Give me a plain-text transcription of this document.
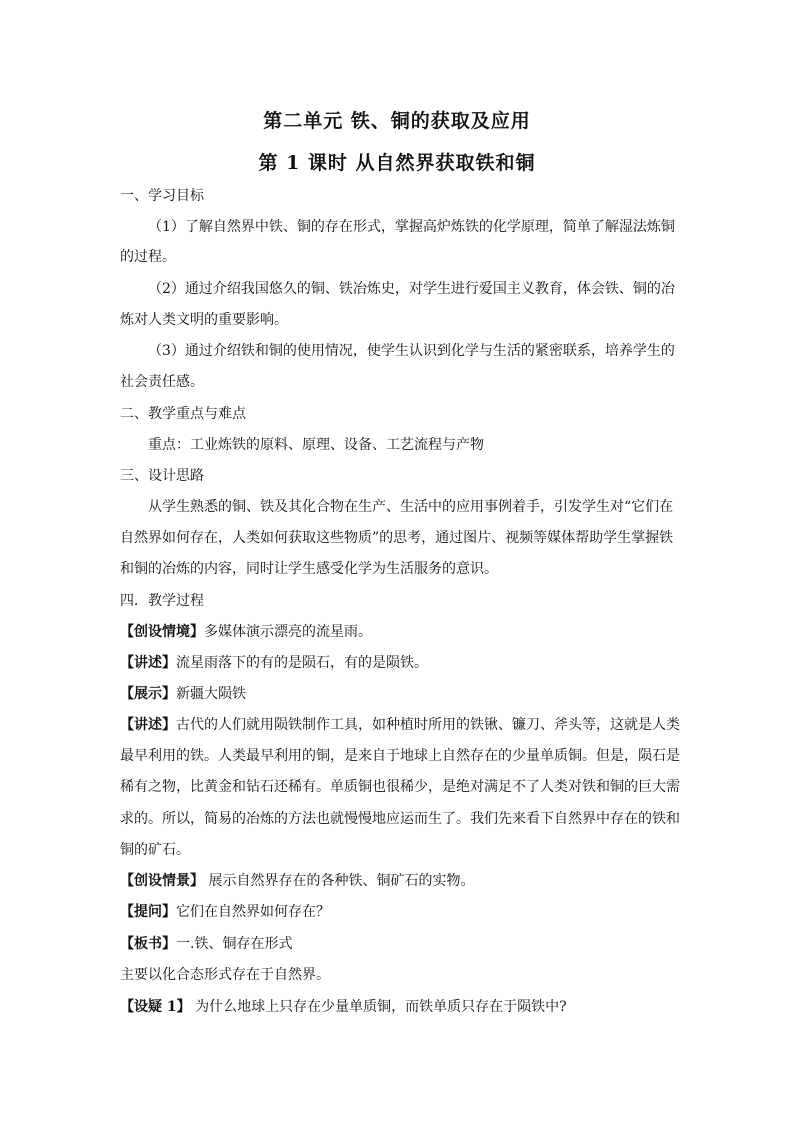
第二单元 铁、铜的获取及应用
第 1 课时 从自然界获取铁和铜
一、学习目标
（1）了解自然界中铁、铜的存在形式，掌握高炉炼铁的化学原理，简单了解湿法炼铜
的过程。
（2）通过介绍我国悠久的铜、铁冶炼史，对学生进行爱国主义教育，体会铁、铜的冶
炼对人类文明的重要影响。
（3）通过介绍铁和铜的使用情况，使学生认识到化学与生活的紧密联系，培养学生的
社会责任感。
二、教学重点与难点
重点：工业炼铁的原料、原理、设备、工艺流程与产物
三、设计思路
从学生熟悉的铜、铁及其化合物在生产、生活中的应用事例着手，引发学生对“它们在
自然界如何存在，人类如何获取这些物质”的思考，通过图片、视频等媒体帮助学生掌握铁
和铜的冶炼的内容，同时让学生感受化学为生活服务的意识。
四．教学过程
【创设情境】多媒体演示漂亮的流星雨。
【讲述】流星雨落下的有的是陨石，有的是陨铁。
【展示】新疆大陨铁
【讲述】古代的人们就用陨铁制作工具，如种植时所用的铁锹、镰刀、斧头等，这就是人类
最早利用的铁。人类最早利用的铜，是来自于地球上自然存在的少量单质铜。但是，陨石是
稀有之物，比黄金和钻石还稀有。单质铜也很稀少，是绝对满足不了人类对铁和铜的巨大需
求的。所以，简易的冶炼的方法也就慢慢地应运而生了。我们先来看下自然界中存在的铁和
铜的矿石。
【创设情景】 展示自然界存在的各种铁、铜矿石的实物。
【提问】它们在自然界如何存在？
【板书】一.铁、铜存在形式
主要以化合态形式存在于自然界。
【设疑 1】 为什么地球上只存在少量单质铜，而铁单质只存在于陨铁中?
